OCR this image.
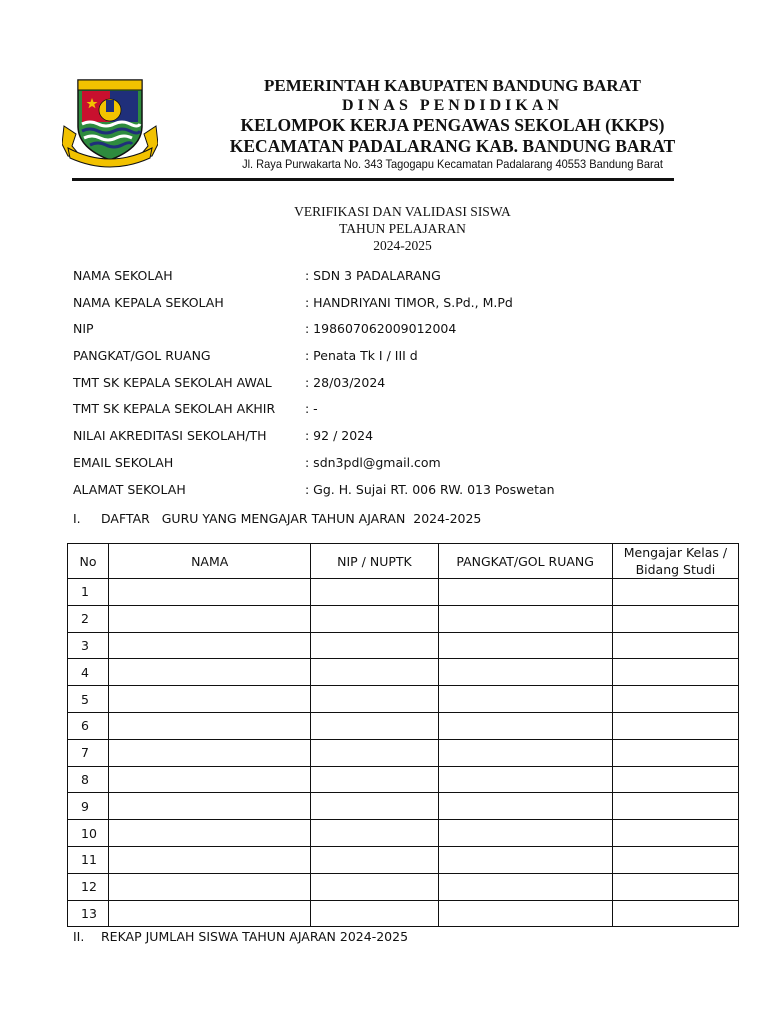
PEMERINTAH KABUPATEN BANDUNG BARAT
DINAS PENDIDIKAN
KELOMPOK KERJA PENGAWAS SEKOLAH (KKPS)
KECAMATAN PADALARANG KAB. BANDUNG BARAT
Jl. Raya Purwakarta No. 343 Tagogapu Kecamatan Padalarang 40553 Bandung Barat
VERIFIKASI DAN VALIDASI SISWA
TAHUN PELAJARAN
2024-2025
NAMA SEKOLAH	: SDN 3 PADALARANG
NAMA KEPALA SEKOLAH	: HANDRIYANI TIMOR, S.Pd., M.Pd
NIP	: 198607062009012004
PANGKAT/GOL RUANG	: Penata Tk I / III d
TMT SK KEPALA SEKOLAH AWAL	: 28/03/2024
TMT SK KEPALA SEKOLAH AKHIR : -
NILAI AKREDITASI SEKOLAH/TH	: 92 / 2024
EMAIL SEKOLAH	: sdn3pdl@gmail.com
ALAMAT SEKOLAH	: Gg. H. Sujai RT. 006 RW. 013 Poswetan
I. DAFTAR   GURU YANG MENGAJAR TAHUN AJARAN  2024-2025
No	NAMA	NIP / NUPTK	PANGKAT/GOL RUANG	Mengajar Kelas / Bidang Studi
1				
2				
3				
4				
5				
6				
7				
8				
9				
10				
11				
12				
13				
II. REKAP JUMLAH SISWA TAHUN AJARAN 2024-2025
